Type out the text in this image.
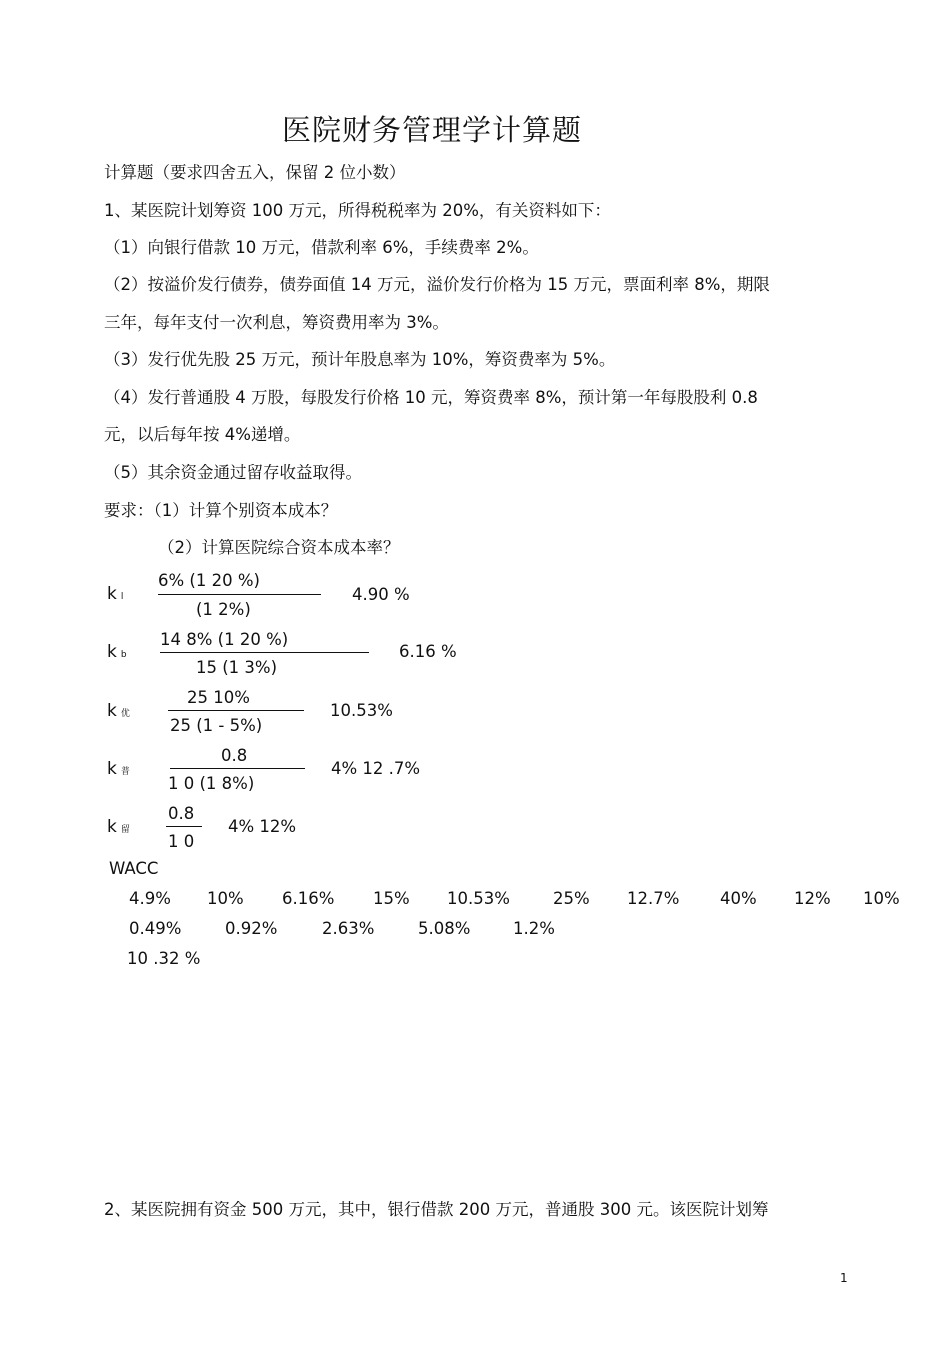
医院财务管理学计算题
计算题（要求四舍五入，保留 2 位小数）
1、某医院计划筹资 100 万元，所得税税率为 20%，有关资料如下：
（1）向银行借款 10 万元，借款利率 6%，手续费率 2%。
（2）按溢价发行债券，债券面值 14 万元，溢价发行价格为 15 万元，票面利率 8%，期限
三年，每年支付一次利息，筹资费用率为 3%。
（3）发行优先股 25 万元，预计年股息率为 10%，筹资费率为 5%。
（4）发行普通股 4 万股，每股发行价格 10 元，筹资费率 8%，预计第一年每股股利 0.8
元，以后每年按 4%递增。
（5）其余资金通过留存收益取得。
要求：（1）计算个别资本成本？
（2）计算医院综合资本成本率？
kl
6% (1 20 %)
(1 2%)
4.90 %
kb
14 8% (1 20 %)
15 (1 3%)
6.16 %
k优
25 10%
25 (1 - 5%)
10.53%
k普
0.8
1 0 (1 8%)
4% 12 .7%
k留
0.8
1 0
4% 12%
WACC
4.9% 10% 6.16% 15% 10.53%	25% 12.7% 40% 12% 10%
0.49%	0.92%	2.63%	5.08%	1.2%
10 .32 %
2、某医院拥有资金 500 万元，其中，银行借款 200 万元，普通股 300 元。该医院计划筹
1
